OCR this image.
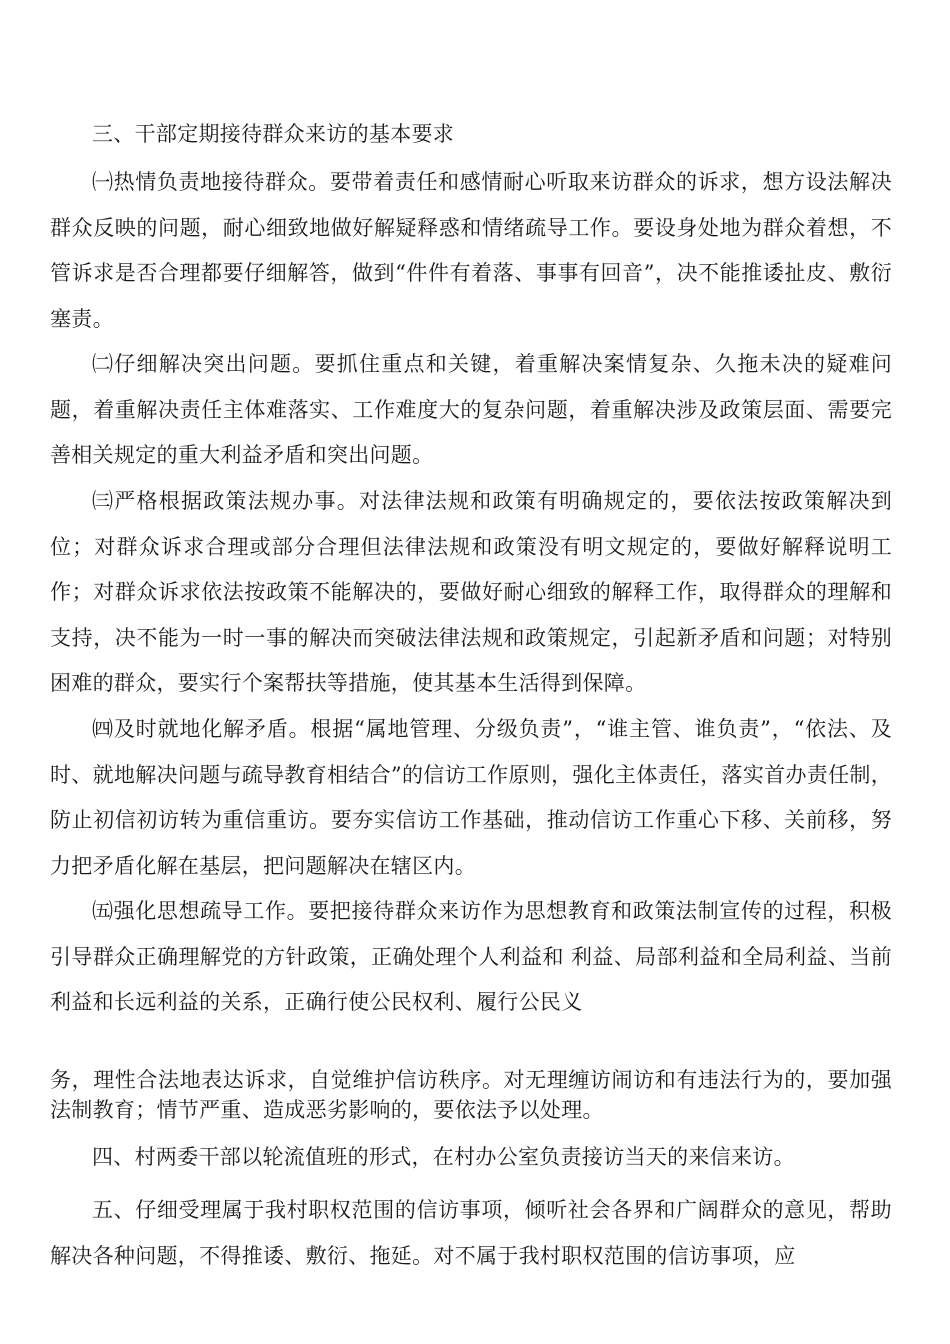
三、干部定期接待群众来访的基本要求

㈠热情负责地接待群众。要带着责任和感情耐心听取来访群众的诉求，想方设法解决群众反映的问题，耐心细致地做好解疑释惑和情绪疏导工作。要设身处地为群众着想，不管诉求是否合理都要仔细解答，做到“件件有着落、事事有回音”，决不能推诿扯皮、敷衍塞责。

㈡仔细解决突出问题。要抓住重点和关键，着重解决案情复杂、久拖未决的疑难问题，着重解决责任主体难落实、工作难度大的复杂问题，着重解决涉及政策层面、需要完善相关规定的重大利益矛盾和突出问题。

㈢严格根据政策法规办事。对法律法规和政策有明确规定的，要依法按政策解决到位；对群众诉求合理或部分合理但法律法规和政策没有明文规定的，要做好解释说明工作；对群众诉求依法按政策不能解决的，要做好耐心细致的解释工作，取得群众的理解和支持，决不能为一时一事的解决而突破法律法规和政策规定，引起新矛盾和问题；对特别困难的群众，要实行个案帮扶等措施，使其基本生活得到保障。

㈣及时就地化解矛盾。根据“属地管理、分级负责”，“谁主管、谁负责”，“依法、及时、就地解决问题与疏导教育相结合”的信访工作原则，强化主体责任，落实首办责任制，防止初信初访转为重信重访。要夯实信访工作基础，推动信访工作重心下移、关前移，努力把矛盾化解在基层，把问题解决在辖区内。

㈤强化思想疏导工作。要把接待群众来访作为思想教育和政策法制宣传的过程，积极引导群众正确理解党的方针政策，正确处理个人利益和 利益、局部利益和全局利益、当前利益和长远利益的关系，正确行使公民权利、履行公民义

务，理性合法地表达诉求，自觉维护信访秩序。对无理缠访闹访和有违法行为的，要加强法制教育；情节严重、造成恶劣影响的，要依法予以处理。

四、村两委干部以轮流值班的形式，在村办公室负责接访当天的来信来访。

五、仔细受理属于我村职权范围的信访事项，倾听社会各界和广阔群众的意见，帮助解决各种问题，不得推诿、敷衍、拖延。对不属于我村职权范围的信访事项，应
